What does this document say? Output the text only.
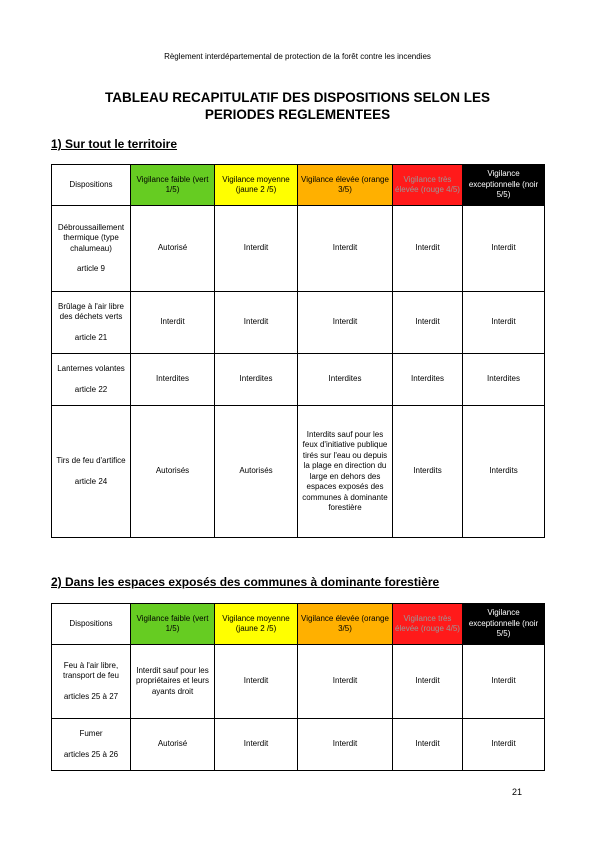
Règlement interdépartemental de protection de la forêt contre les incendies
TABLEAU RECAPITULATIF DES DISPOSITIONS SELON LES
PERIODES REGLEMENTEES
1) Sur tout le territoire
Dispositions	Vigilance faible (vert 1/5)	Vigilance moyenne (jaune 2 /5)	Vigilance élevée (orange 3/5)	Vigilance très élevée (rouge 4/5)	Vigilance exceptionnelle (noir 5/5)

Débroussaillement thermique (type chalumeau)
article 9	Autorisé	Interdit	Interdit	Interdit	Interdit

Brûlage à l'air libre des déchets verts
article 21	Interdit	Interdit	Interdit	Interdit	Interdit

Lanternes volantes
article 22	Interdites	Interdites	Interdites	Interdites	Interdites

Tirs de feu d'artifice
article 24	Autorisés	Autorisés	Interdits sauf pour les feux d'initiative publique tirés sur l'eau ou depuis la plage en direction du large en dehors des espaces exposés des communes à dominante forestière	Interdits	Interdits
2) Dans les espaces exposés des communes à dominante forestière
Dispositions	Vigilance faible (vert 1/5)	Vigilance moyenne (jaune 2 /5)	Vigilance élevée (orange 3/5)	Vigilance très élevée (rouge 4/5)	Vigilance exceptionnelle (noir 5/5)

Feu à l'air libre, transport de feu
articles 25 à 27	Interdit sauf pour les propriétaires et leurs ayants droit	Interdit	Interdit	Interdit	Interdit

Fumer
articles 25 à 26	Autorisé	Interdit	Interdit	Interdit	Interdit
21
